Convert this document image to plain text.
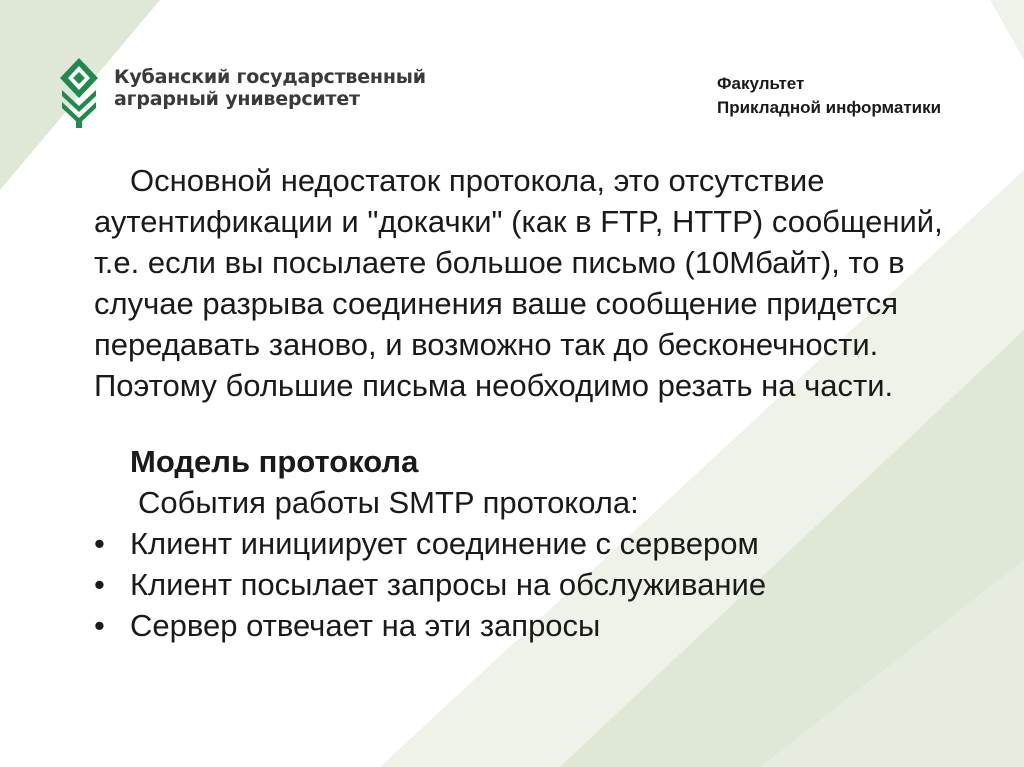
Кубанский государственный
аграрный университет
Факультет
Прикладной информатики

Основной недостаток протокола, это отсутствие аутентификации и "докачки" (как в FTP, HTTP) сообщений, т.е. если вы посылаете большое письмо (10Мбайт), то в случае разрыва соединения ваше сообщение придется передавать заново, и возможно так до бесконечности. Поэтому большие письма необходимо резать на части.

Модель протокола

События работы SMTP протокола:

• Клиент инициирует соединение с сервером
• Клиент посылает запросы на обслуживание
• Сервер отвечает на эти запросы
